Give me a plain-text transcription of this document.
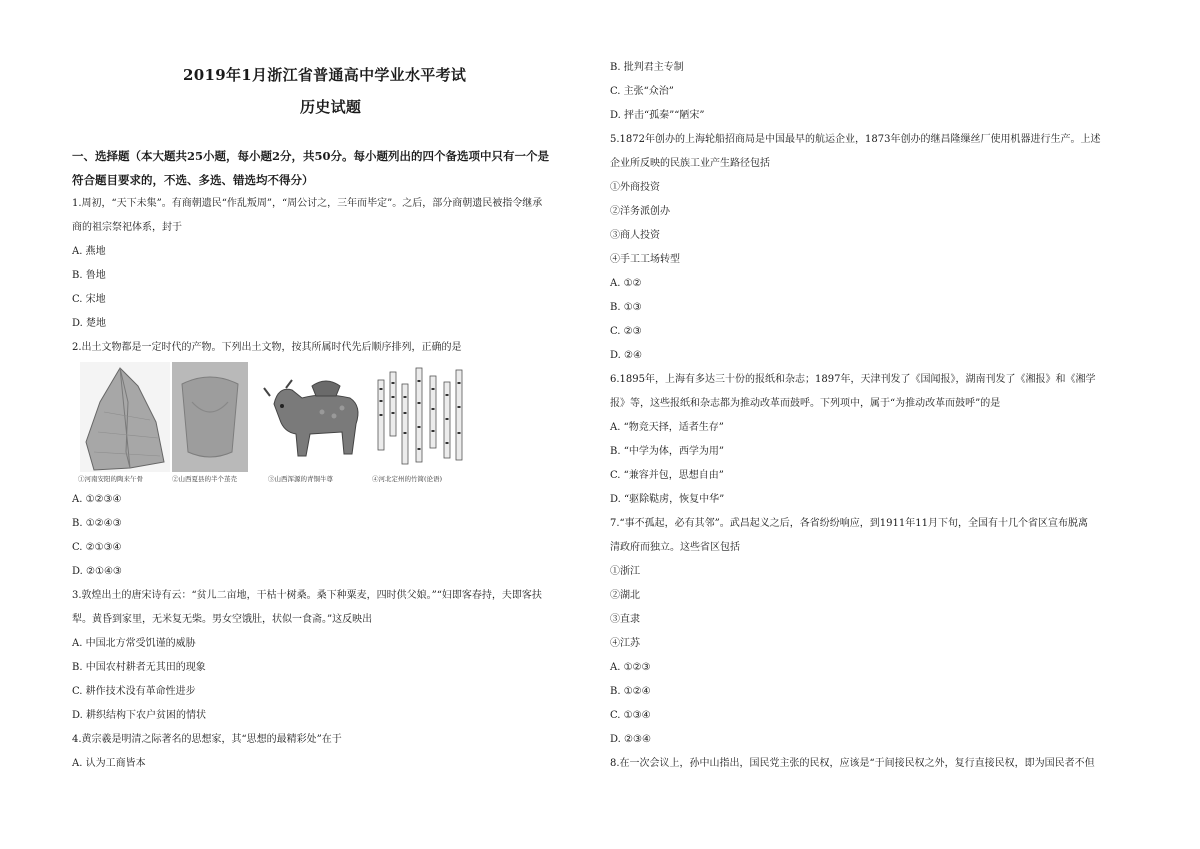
2019年1月浙江省普通高中学业水平考试
历史试题
一、选择题（本大题共25小题，每小题2分，共50分。每小题列出的四个备选项中只有一个是
符合题目要求的，不选、多选、错选均不得分）
1.周初，“天下未集”。有商朝遗民“作乱叛周”，“周公讨之，三年而毕定”。之后，部分商朝遗民被指令继承
商的祖宗祭祀体系，封于
A. 燕地
B. 鲁地
C. 宋地
D. 楚地
2.出土文物都是一定时代的产物。下列出土文物，按其所属时代先后顺序排列，正确的是
①河南安阳的陶来午骨	②山西夏县的半个茧壳	③山西浑源的青铜牛尊	④河北定州的竹简(论语)
A. ①②③④
B. ①②④③
C. ②①③④
D. ②①④③
3.敦煌出土的唐宋诗有云：“贫儿二亩地，干枯十树桑。桑下种粟麦，四时供父娘。”“妇即客春持，夫即客扶
犁。黄昏到家里，无米复无柴。男女空饿肚，状似一食斋。”这反映出
A. 中国北方常受饥谨的威胁
B. 中国农村耕者无其田的现象
C. 耕作技术没有革命性进步
D. 耕织结构下农户贫困的情状
4.黄宗羲是明清之际著名的思想家，其“思想的最精彩处”在于
A. 认为工商皆本
B. 批判君主专制
C. 主张“众治”
D. 抨击“孤秦”“陋宋”
5.1872年创办的上海轮船招商局是中国最早的航运企业，1873年创办的继昌隆缫丝厂使用机器进行生产。上述
企业所反映的民族工业产生路径包括
①外商投资
②洋务派创办
③商人投资
④手工工场转型
A. ①②
B. ①③
C. ②③
D. ②④
6.1895年，上海有多达三十份的报纸和杂志；1897年，天津刊发了《国闻报》，湖南刊发了《湘报》和《湘学
报》等，这些报纸和杂志都为推动改革而鼓呼。下列项中，属于“为推动改革而鼓呼”的是
A. “物竞天择，适者生存”
B. “中学为体，西学为用”
C. “兼容并包，思想自由”
D. “驱除鞑虏，恢复中华”
7.“事不孤起，必有其邻”。武昌起义之后，各省纷纷响应，到1911年11月下旬，全国有十几个省区宣布脱离
清政府而独立。这些省区包括
①浙江
②湖北
③直隶
④江苏
A. ①②③
B. ①②④
C. ①③④
D. ②③④
8.在一次会议上，孙中山指出，国民党主张的民权，应该是“于间接民权之外，复行直接民权，即为国民者不但
